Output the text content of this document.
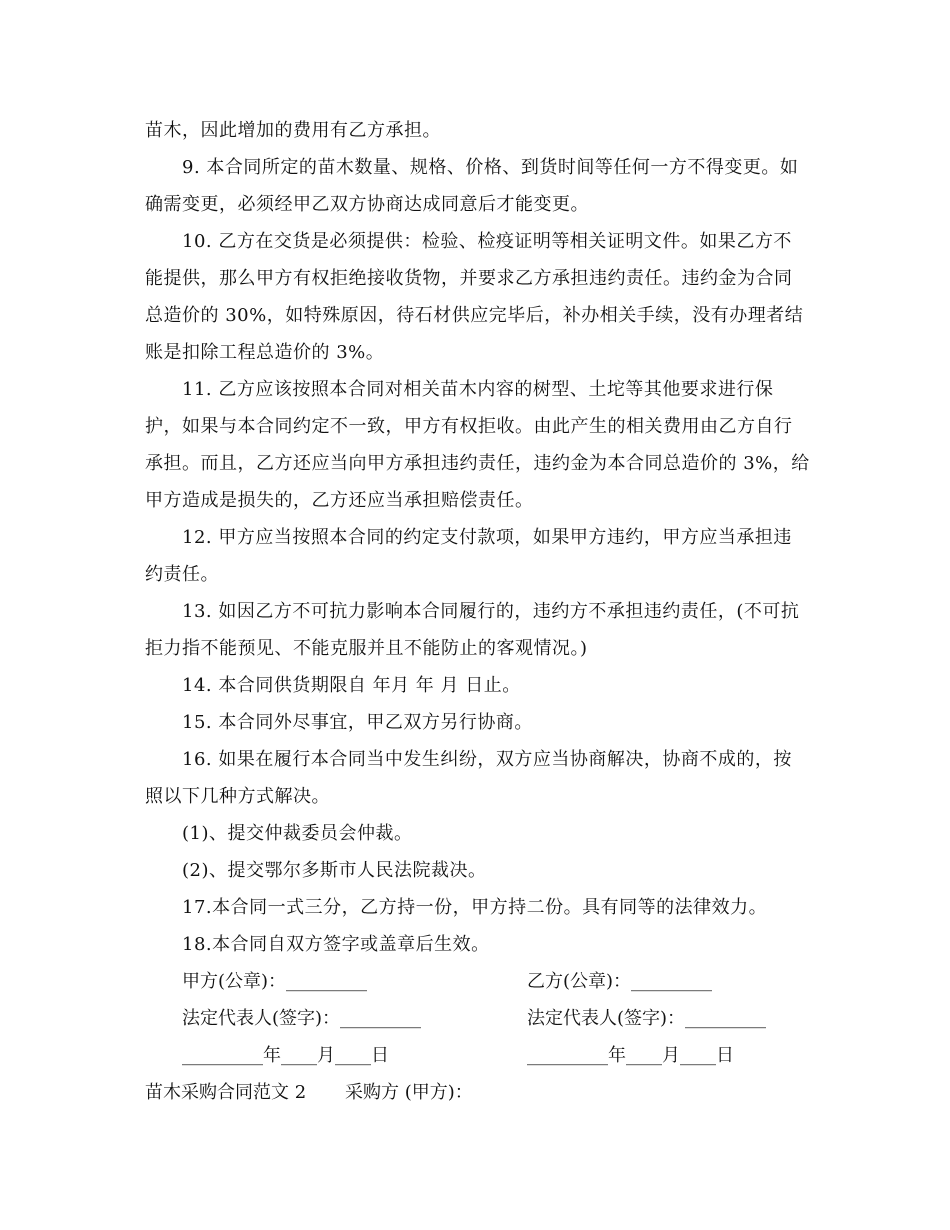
苗木，因此增加的费用有乙方承担。
9. 本合同所定的苗木数量、规格、价格、到货时间等任何一方不得变更。如
确需变更，必须经甲乙双方协商达成同意后才能变更。
10. 乙方在交货是必须提供：检验、检疫证明等相关证明文件。如果乙方不
能提供，那么甲方有权拒绝接收货物，并要求乙方承担违约责任。违约金为合同
总造价的 30%，如特殊原因，待石材供应完毕后，补办相关手续，没有办理者结
账是扣除工程总造价的 3%。
11. 乙方应该按照本合同对相关苗木内容的树型、土坨等其他要求进行保
护，如果与本合同约定不一致，甲方有权拒收。由此产生的相关费用由乙方自行
承担。而且，乙方还应当向甲方承担违约责任，违约金为本合同总造价的 3%，给
甲方造成是损失的，乙方还应当承担赔偿责任。
12. 甲方应当按照本合同的约定支付款项，如果甲方违约，甲方应当承担违
约责任。
13. 如因乙方不可抗力影响本合同履行的，违约方不承担违约责任，(不可抗
拒力指不能预见、不能克服并且不能防止的客观情况。)
14. 本合同供货期限自 年月 年 月 日止。
15. 本合同外尽事宜，甲乙双方另行协商。
16. 如果在履行本合同当中发生纠纷，双方应当协商解决，协商不成的，按
照以下几种方式解决。
(1)、提交仲裁委员会仲裁。
(2)、提交鄂尔多斯市人民法院裁决。
17.本合同一式三分，乙方持一份，甲方持二份。具有同等的法律效力。
18.本合同自双方签字或盖章后生效。
甲方(公章)：_________	乙方(公章)：_________
法定代表人(签字)：_________	法定代表人(签字)：_________
_________年____月____日	_________年____月____日
苗木采购合同范文 2 采购方 (甲方)：
